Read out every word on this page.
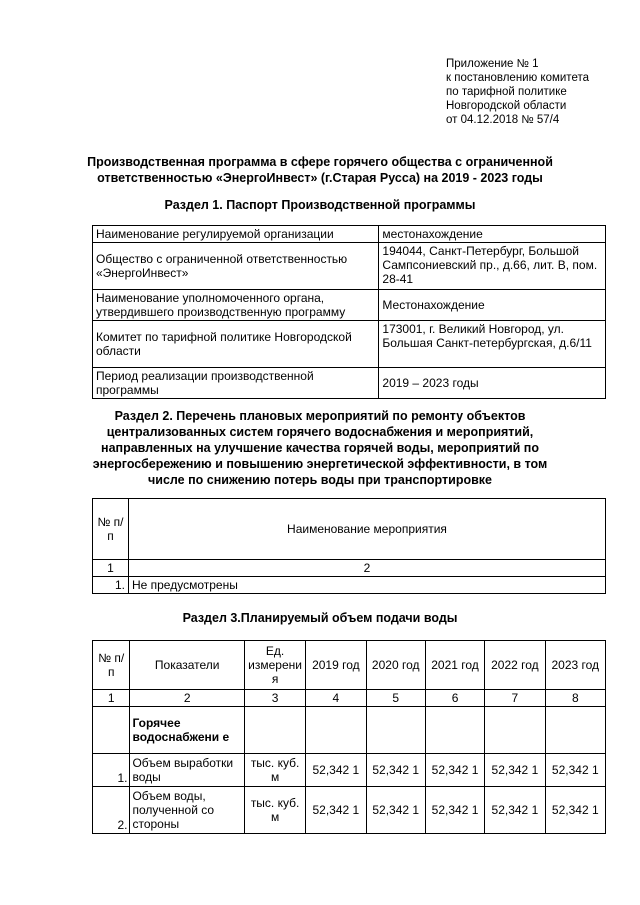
Приложение № 1
к постановлению комитета
по тарифной политике
Новгородской области
от 04.12.2018 № 57/4
Производственная программа в сфере горячего общества с ограниченной
ответственностью «ЭнергоИнвест» (г.Старая Русса) на 2019 - 2023 годы
Раздел 1. Паспорт Производственной программы
Наименование регулируемой организации	местонахождение
Общество с ограниченной ответственностью «ЭнергоИнвест»	194044, Санкт-Петербург, Большой Сампсониевский пр., д.66, лит. В, пом. 28-41
Наименование уполномоченного органа, утвердившего производственную программу	Местонахождение
Комитет по тарифной политике Новгородской области	173001, г. Великий Новгород, ул. Большая Санкт-петербургская, д.6/11
Период реализации производственной программы	2019 – 2023 годы
Раздел 2. Перечень плановых мероприятий по ремонту объектов
централизованных систем горячего водоснабжения и мероприятий,
направленных на улучшение качества горячей воды, мероприятий по
энергосбережению и повышению энергетической эффективности, в том
числе по снижению потерь воды при транспортировке
№ п/п	Наименование мероприятия
1	2
1.	Не предусмотрены
Раздел 3.Планируемый объем подачи воды
№ п/п	Показатели	Ед. измерени я	2019 год	2020 год	2021 год	2022 год	2023 год
1	2	3	4	5	6	7	8
	Горячее водоснабжени е						
1.	Объем выработки воды	тыс. куб. м	52,342 1	52,342 1	52,342 1	52,342 1	52,342 1
2.	Объем воды, полученной со стороны	тыс. куб. м	52,342 1	52,342 1	52,342 1	52,342 1	52,342 1
